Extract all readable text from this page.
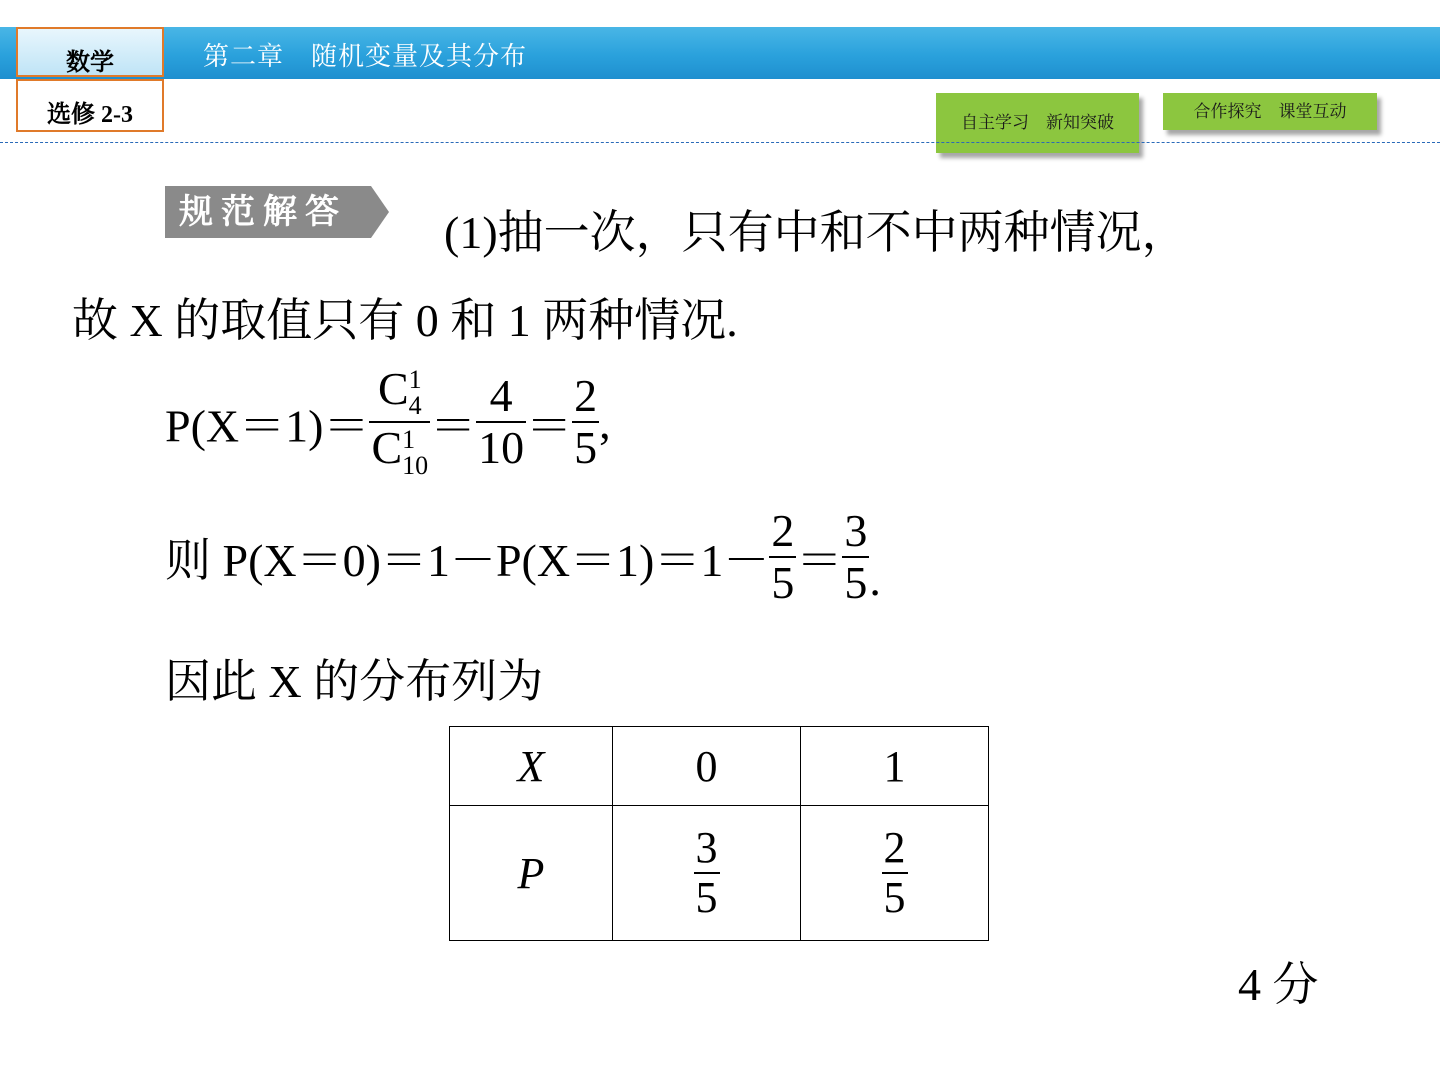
第二章　随机变量及其分布
数学
选修 2-3	自主学习　新知突破
合作探究　课堂互动
规范解答	(1)抽一次，只有中和不中两种情况，
故 X 的取值只有 0 和 1 两种情况.
P(X＝1)＝ C 1
4
C 1
$10 = \frac{4}{10} = \frac{2}{5}$ ,
则 $P(X=0)=1-P(X=1)=1- \frac{2}{5} = \frac{3}{5}$ .
因此 X 的分布列为
X	0	1
P	$\frac{3}{5}$	$\frac{2}{5}$
4 分
